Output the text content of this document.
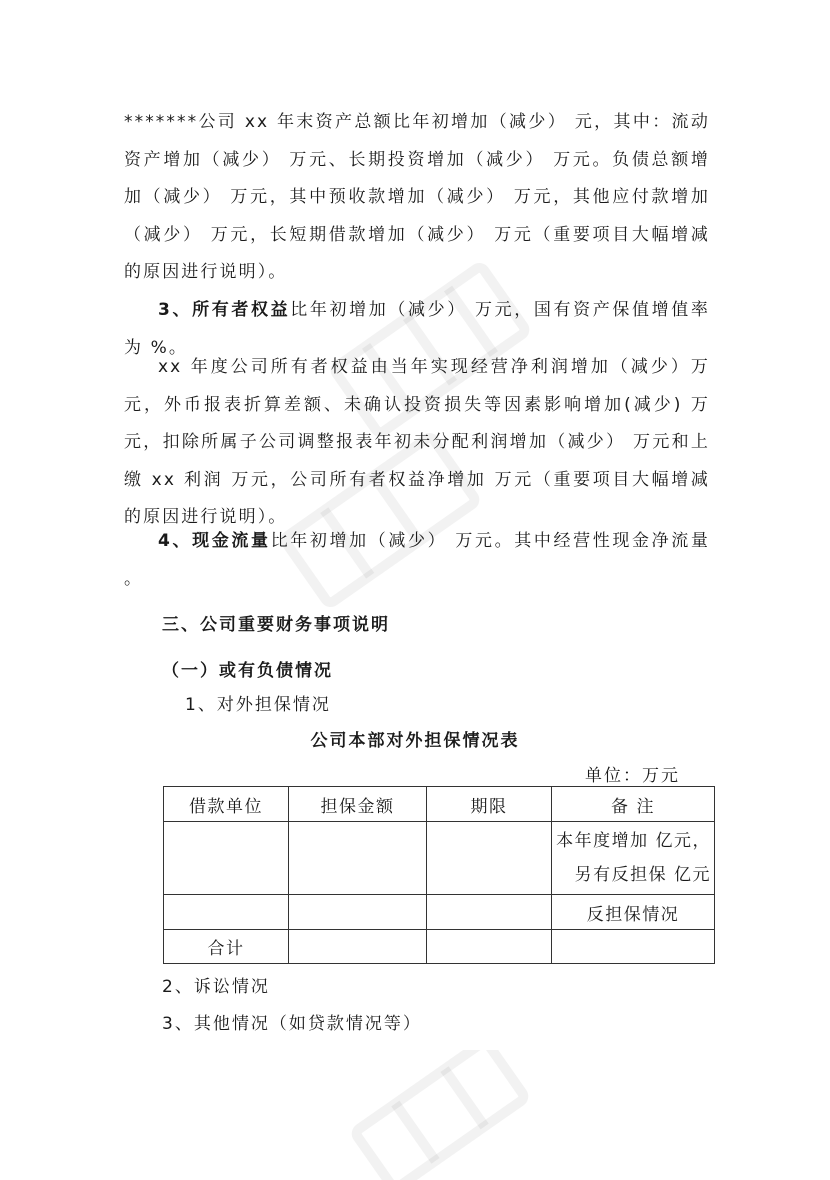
*******公司 xx 年末资产总额比年初增加（减少） 元，其中：流动资产增加（减少） 万元、长期投资增加（减少） 万元。负债总额增加（减少） 万元，其中预收款增加（减少） 万元，其他应付款增加（减少） 万元，长短期借款增加（减少） 万元（重要项目大幅增减的原因进行说明）。
3、所有者权益比年初增加（减少） 万元，国有资产保值增值率为 %。
xx 年度公司所有者权益由当年实现经营净利润增加（减少）万元，外币报表折算差额、未确认投资损失等因素影响增加(减少) 万元，扣除所属子公司调整报表年初未分配利润增加（减少） 万元和上缴 xx 利润 万元，公司所有者权益净增加 万元（重要项目大幅增减的原因进行说明）。
4、现金流量比年初增加（减少） 万元。其中经营性现金净流量 。
三、公司重要财务事项说明
（一）或有负债情况
1、对外担保情况
公司本部对外担保情况表
单位：万元
借款单位	担保金额	期限	备 注

			本年度增加 亿元，
另有反担保 亿元

			反担保情况
合计			
2、诉讼情况
3、其他情况（如贷款情况等）
